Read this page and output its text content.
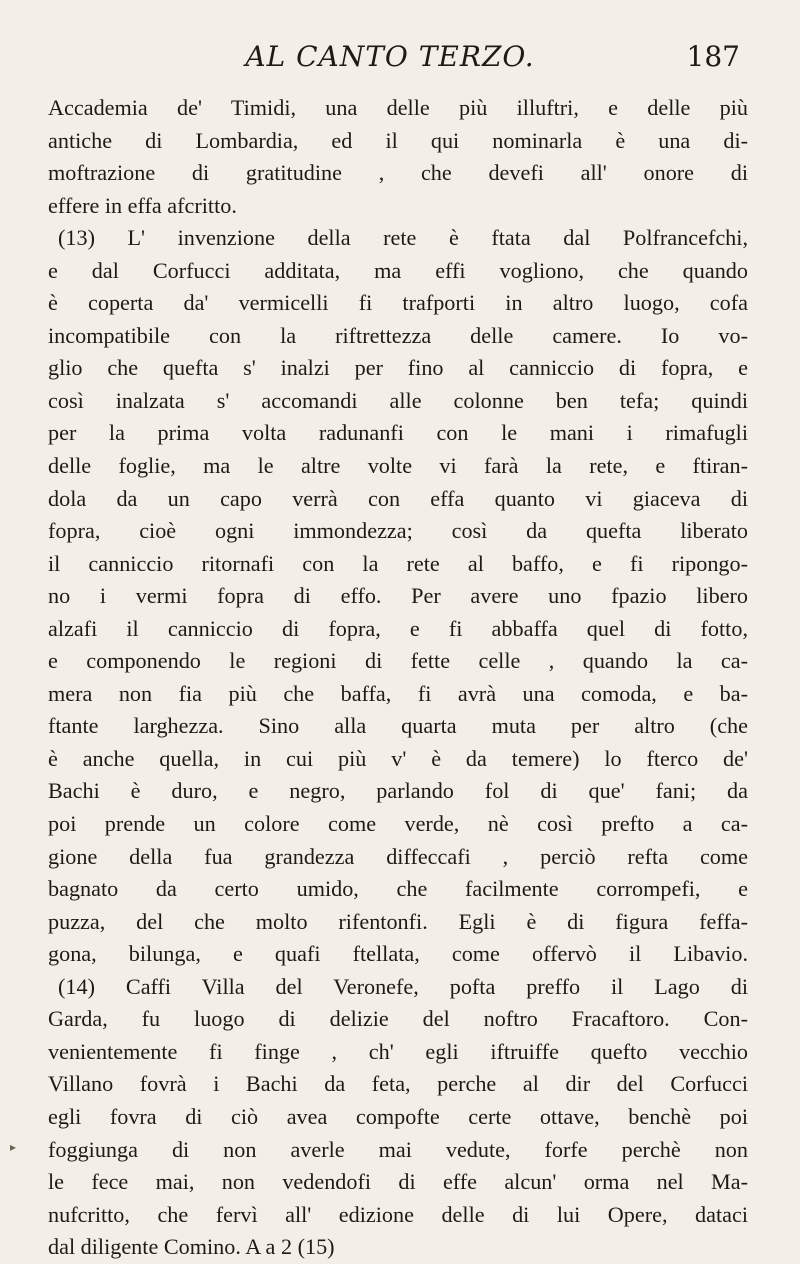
AL CANTO TERZO.	187
Accademia de' Timidi, una delle più illuftri, e delle più
antiche di Lombardia, ed il qui nominarla è una di-
moftrazione di gratitudine , che devefi all' onore di
effere in effa afcritto.
(13) L' invenzione della rete è ftata dal Polfrancefchi,
e dal Corfucci additata, ma effi vogliono, che quando
è coperta da' vermicelli fi trafporti in altro luogo, cofa
incompatibile con la riftrettezza delle camere. Io vo-
glio che quefta s' inalzi per fino al canniccio di fopra, e
così inalzata s' accomandi alle colonne ben tefa; quindi
per la prima volta radunanfi con le mani i rimafugli
delle foglie, ma le altre volte vi farà la rete, e ftiran-
dola da un capo verrà con effa quanto vi giaceva di
fopra, cioè ogni immondezza; così da quefta liberato
il canniccio ritornafi con la rete al baffo, e fi ripongo-
no i vermi fopra di effo. Per avere uno fpazio libero
alzafi il canniccio di fopra, e fi abbaffa quel di fotto,
e componendo le regioni di fette celle , quando la ca-
mera non fia più che baffa, fi avrà una comoda, e ba-
ftante larghezza. Sino alla quarta muta per altro (che
è anche quella, in cui più v' è da temere) lo fterco de'
Bachi è duro, e negro, parlando fol di que' fani; da
poi prende un colore come verde, nè così prefto a ca-
gione della fua grandezza diffeccafi , perciò refta come
bagnato da certo umido, che facilmente corrompefi, e
puzza, del che molto rifentonfi. Egli è di figura feffa-
gona, bilunga, e quafi ftellata, come offervò il Libavio.
(14) Caffi Villa del Veronefe, pofta preffo il Lago di
Garda, fu luogo di delizie del noftro Fracaftoro. Con-
venientemente fi finge , ch' egli iftruiffe quefto vecchio
Villano fovrà i Bachi da feta, perche al dir del Corfucci
egli fovra di ciò avea compofte certe ottave, benchè poi
foggiunga di non averle mai vedute, forfe perchè non
le fece mai, non vedendofi di effe alcun' orma nel Ma-
nufcritto, che fervì all' edizione delle di lui Opere, dataci
dal diligente Comino. A a 2 (15)
▸
